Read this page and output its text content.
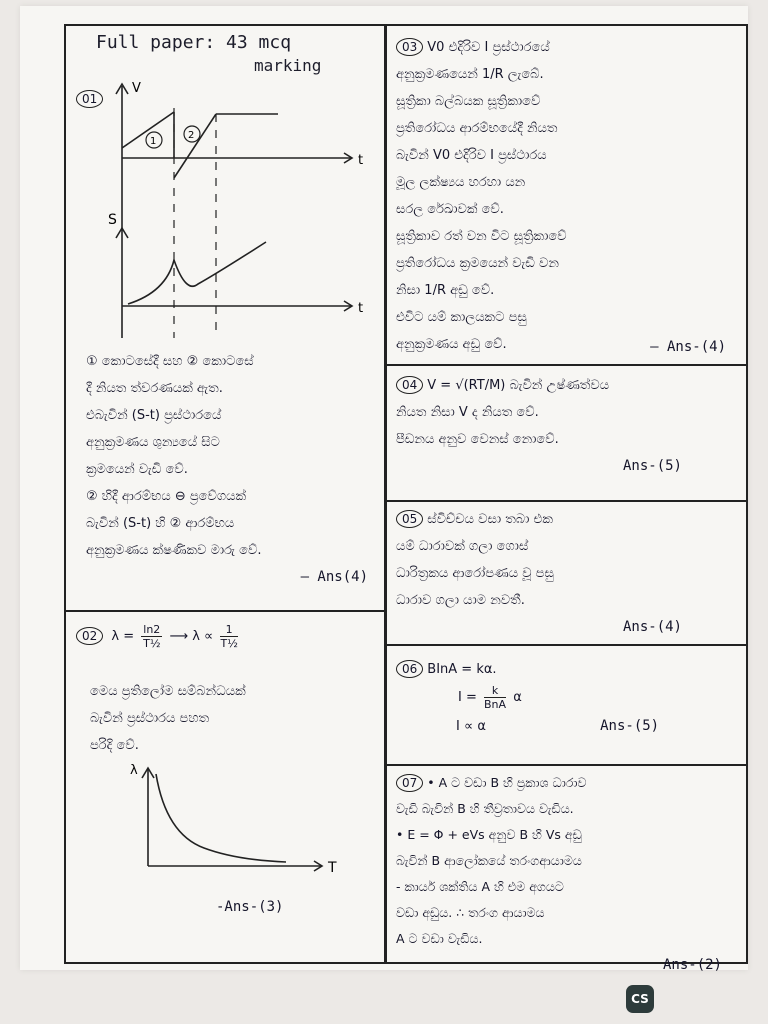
Full paper: 43 mcq
marking
01
V
t
1
2
S
t

① කොටසේදී සහ ② කොටසේ

දී නියත ත්වරණයක් ඇත.

එබැවින් (S-t) ප්‍රස්ථාරයේ

අනුක්‍රමණය ශුන්‍යයේ සිට

ක්‍රමයෙන් වැඩි වේ.

② හිදී ආරම්භය ⊖ ප්‍රවේගයක්

බැවින් (S-t) හි ② ආරම්භය

අනුක්‍රමණය ක්ෂණිකව මාරු වේ.

— Ans(4)

02 $\lambda = \frac{\ln 2}{\text{T½}}$ ⟶ $\lambda \propto \frac{1}{\text{T½}}$

මෙය ප්‍රතිලෝම සම්බන්ධයක්

බැවින් ප්‍රස්ථාරය පහත

පරිදි වේ.

λ
T
-Ans-(3)

03 V0 එදිරිව I ප්‍රස්ථාරයේ

අනුක්‍රමණයෙන් 1/R ලැබේ.

සූත්‍රිකා බල්බයක සූත්‍රිකාවේ

ප්‍රතිරෝධය ආරම්භයේදී නියත

බැවින් V0 එදිරිව I ප්‍රස්ථාරය

මූල ලක්ෂ්‍යය හරහා යන

සරල රේඛාවක් වේ.

සූත්‍රිකාව රත් වන විට සූත්‍රිකාවේ

ප්‍රතිරෝධය ක්‍රමයෙන් වැඩි වන

නිසා 1/R අඩු වේ.

එවිට යම් කාලයකට පසු

අනුක්‍රමණය අඩු වේ.	— Ans-(4)

04 V = √(RT/M) බැවින් උෂ්ණත්වය

නියත නිසා V ද නියත වේ.

පීඩනය අනුව වෙනස් නොවේ.

Ans-(5)

05 ස්විච්චය වසා තබා එක

යම් ධාරාවක් ගලා ගොස්

ධාරිත්‍රකය ආරෝපණය වූ පසු

ධාරාව ගලා යාම නවතී.

Ans-(4)

06 BInA = kα.

$I = \frac{k}{\text{BnA}}$ α

I ∝ α	Ans-(5)

07 • A ට වඩා B හි ප්‍රකාශ ධාරාව

වැඩි බැවින් B හි තීව්‍රතාවය වැඩිය.

• E = Φ + eVs අනුව B හි Vs අඩු

බැවින් B ආලෝකයේ තරංගආයාමය

- කාර්ය ශක්තිය A හි එම අගයට

වඩා අඩුය. ∴ තරංග ආයාමය

A ට වඩා වැඩිය.

Ans-(2)

CS
